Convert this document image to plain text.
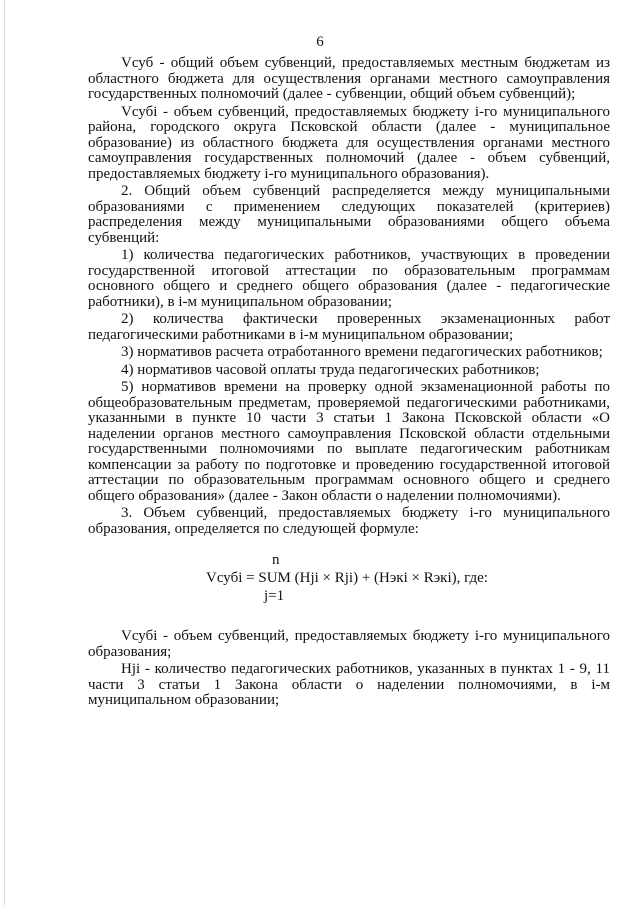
6

Vсуб - общий объем субвенций, предоставляемых местным бюджетам из областного бюджета для осуществления органами местного самоуправления государственных полномочий (далее - субвенции, общий объем субвенций);

Vсубi - объем субвенций, предоставляемых бюджету i-го муниципального района, городского округа Псковской области (далее - муниципальное образование) из областного бюджета для осуществления органами местного самоуправления государственных полномочий (далее - объем субвенций, предоставляемых бюджету i-го муниципального образования).

2. Общий объем субвенций распределяется между муниципальными образованиями с применением следующих показателей (критериев) распределения между муниципальными образованиями общего объема субвенций:

1) количества педагогических работников, участвующих в проведении государственной итоговой аттестации по образовательным программам основного общего и среднего общего образования (далее - педагогические работники), в i-м муниципальном образовании;

2) количества фактически проверенных экзаменационных работ педагогическими работниками в i-м муниципальном образовании;

3) нормативов расчета отработанного времени педагогических работников;

4) нормативов часовой оплаты труда педагогических работников;

5) нормативов времени на проверку одной экзаменационной работы по общеобразовательным предметам, проверяемой педагогическими работниками, указанными в пункте 10 части 3 статьи 1 Закона Псковской области «О наделении органов местного самоуправления Псковской области отдельными государственными полномочиями по выплате педагогическим работникам компенсации за работу по подготовке и проведению государственной итоговой аттестации по образовательным программам основного общего и среднего общего образования» (далее - Закон области о наделении полномочиями).

3. Объем субвенций, предоставляемых бюджету i-го муниципального образования, определяется по следующей формуле:

n
Vсубi = SUM (Hji × Rji) + (Hэкi × Rэкi), где:
j=1

Vсубi - объем субвенций, предоставляемых бюджету i-го муниципального образования;

Hji - количество педагогических работников, указанных в пунктах 1 - 9, 11 части 3 статьи 1 Закона области о наделении полномочиями, в i-м муниципальном образовании;
